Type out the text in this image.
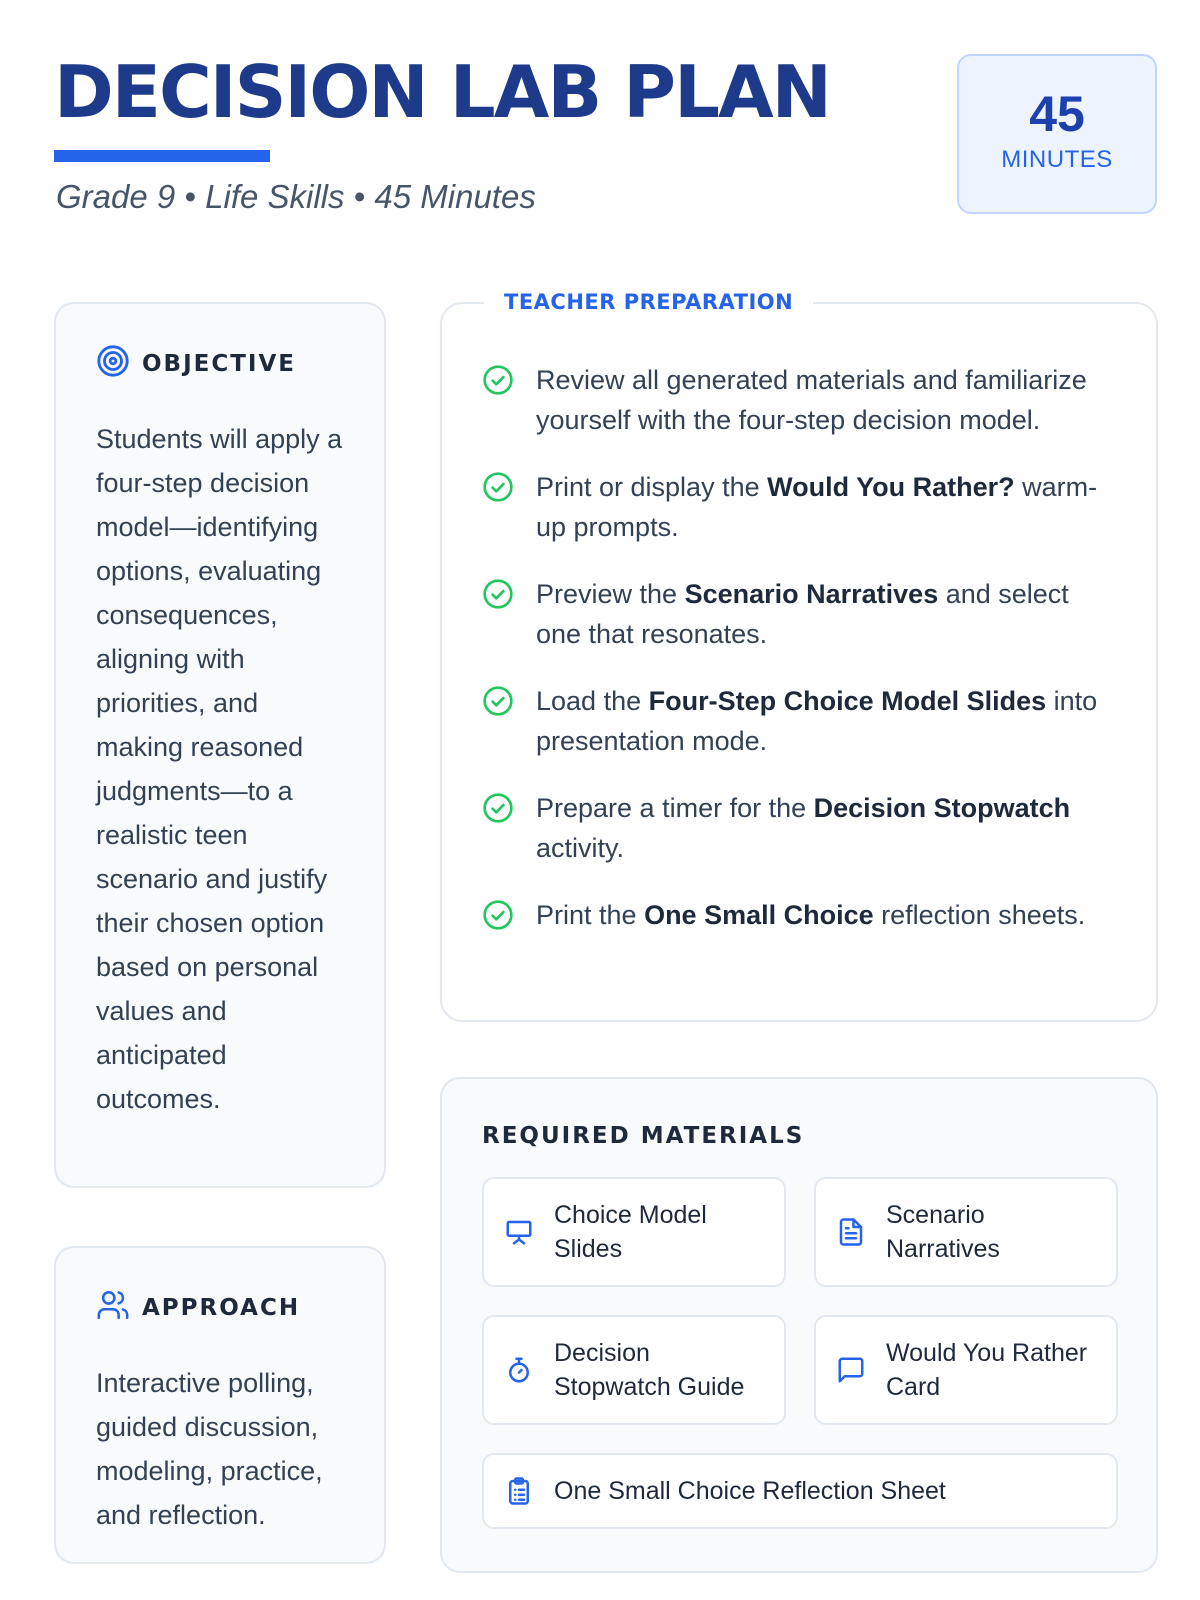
DECISION LAB PLAN
Grade 9 • Life Skills • 45 Minutes
45
MINUTES
OBJECTIVE

Students will apply a four-step decision model—identifying options, evaluating consequences, aligning with priorities, and making reasoned judgments—to a realistic teen scenario and justify their chosen option based on personal values and anticipated outcomes.

APPROACH

Interactive polling, guided discussion, modeling, practice, and reflection.

TEACHER PREPARATION
Review all generated materials and familiarize yourself with the four-step decision model.
Print or display the Would You Rather? warm-up prompts.
Preview the Scenario Narratives and select one that resonates.
Load the Four-Step Choice Model Slides into presentation mode.
Prepare a timer for the Decision Stopwatch activity.
Print the One Small Choice reflection sheets.
REQUIRED MATERIALS
Choice Model Slides
Scenario Narratives
Decision Stopwatch Guide
Would You Rather Card
One Small Choice Reflection Sheet
